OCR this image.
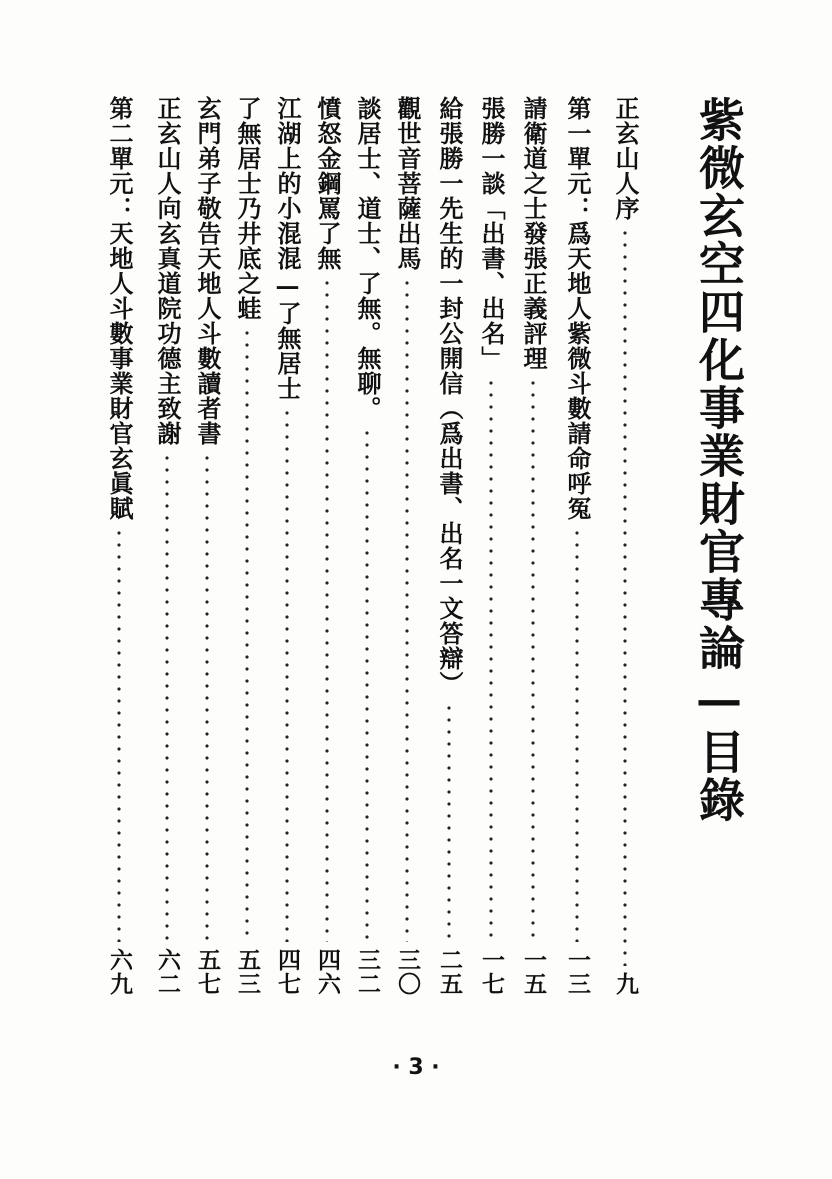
紫微玄空四化事業財官專論—目錄
正玄山人序
九
第一單元：爲天地人紫微斗數請命呼冤
一三
請衛道之士發張正義評理
一五
張勝一談「出書、出名」
一七
給張勝一先生的一封公開信（爲出書、出名一文答辯）
二五
觀世音菩薩出馬
三〇
談居士、道士、了無。無聊。
三二
憤怒金鋼罵了無
四六
江湖上的小混混—了無居士
四七
了無居士乃井底之蛙
五三
玄門弟子敬告天地人斗數讀者書
五七
正玄山人向玄真道院功德主致謝
六二
第二單元：天地人斗數事業財官玄眞賦
六九
· 3 ·
